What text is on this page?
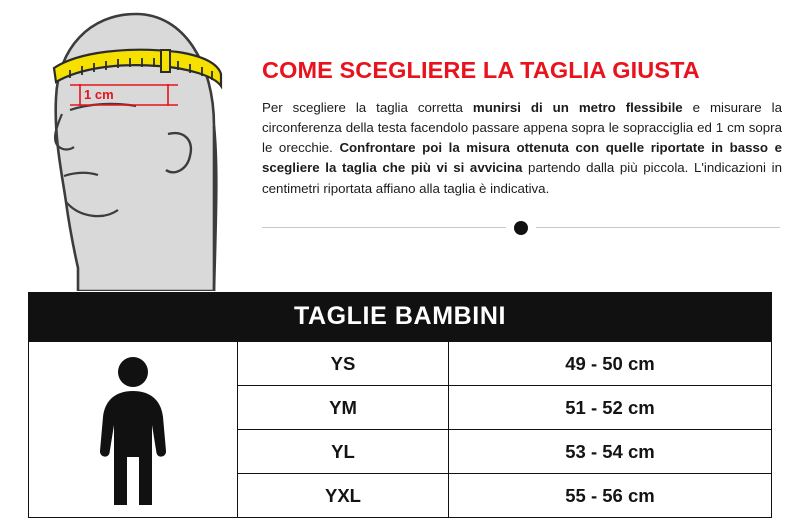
1 cm
COME SCEGLIERE LA TAGLIA GIUSTA

Per scegliere la taglia corretta munirsi di un metro flessibile e misurare la circonferenza della testa facendolo passare appena sopra le sopracciglia ed 1 cm sopra le orecchie. Confrontare poi la misura ottenuta con quelle riportate in basso e scegliere la taglia che più vi si avvicina partendo dalla più piccola. L'indicazioni in centimetri riportata affiano alla taglia è indicativa.

TAGLIE BAMBINI
YS	49 - 50 cm
YM	51 - 52 cm
YL	53 - 54 cm
YXL	55 - 56 cm
